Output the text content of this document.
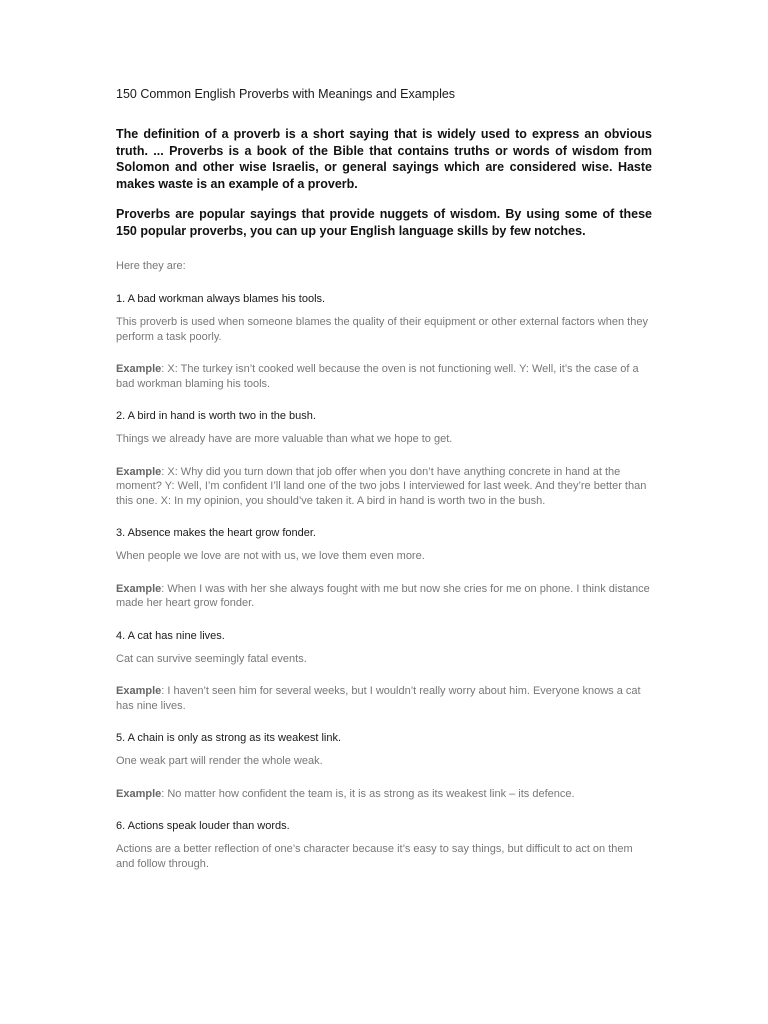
150 Common English Proverbs with Meanings and Examples

The definition of a proverb is a short saying that is widely used to express an obvious truth. ... Proverbs is a book of the Bible that contains truths or words of wisdom from Solomon and other wise Israelis, or general sayings which are considered wise. Haste makes waste is an example of a proverb.

Proverbs are popular sayings that provide nuggets of wisdom. By using some of these 150 popular proverbs, you can up your English language skills by few notches.

Here they are:

1. A bad workman always blames his tools.

This proverb is used when someone blames the quality of their equipment or other external factors when they perform a task poorly.

Example: X: The turkey isn’t cooked well because the oven is not functioning well. Y: Well, it’s the case of a bad workman blaming his tools.

2. A bird in hand is worth two in the bush.

Things we already have are more valuable than what we hope to get.

Example: X: Why did you turn down that job offer when you don’t have anything concrete in hand at the moment? Y: Well, I’m confident I’ll land one of the two jobs I interviewed for last week. And they’re better than this one. X: In my opinion, you should’ve taken it. A bird in hand is worth two in the bush.

3. Absence makes the heart grow fonder.

When people we love are not with us, we love them even more.

Example: When I was with her she always fought with me but now she cries for me on phone. I think distance made her heart grow fonder.

4. A cat has nine lives.

Cat can survive seemingly fatal events.

Example: I haven’t seen him for several weeks, but I wouldn’t really worry about him. Everyone knows a cat has nine lives.

5. A chain is only as strong as its weakest link.

One weak part will render the whole weak.

Example: No matter how confident the team is, it is as strong as its weakest link – its defence.

6. Actions speak louder than words.

Actions are a better reflection of one’s character because it’s easy to say things, but difficult to act on them and follow through.
